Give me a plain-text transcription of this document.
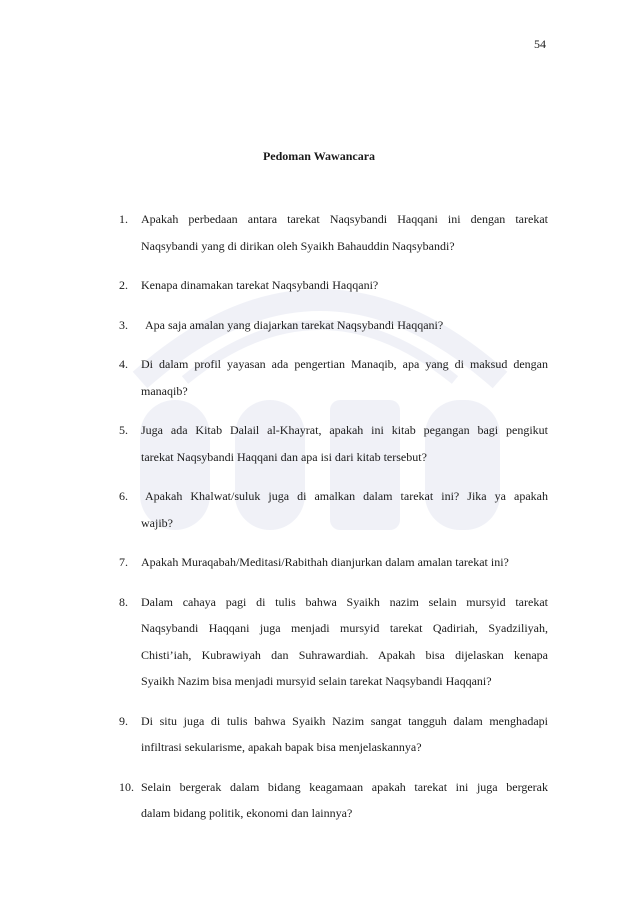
54
Pedoman Wawancara
1. Apakah perbedaan antara tarekat Naqsybandi Haqqani ini dengan tarekat
Naqsybandi yang di dirikan oleh Syaikh Bahauddin Naqsybandi?
2. Kenapa dinamakan tarekat Naqsybandi Haqqani?
3.	Apa saja amalan yang diajarkan tarekat Naqsybandi Haqqani?
4. Di dalam profil yayasan ada pengertian Manaqib, apa yang di maksud dengan
manaqib?
5. Juga ada Kitab Dalail al-Khayrat, apakah ini kitab pegangan bagi pengikut
tarekat Naqsybandi Haqqani dan apa isi dari kitab tersebut?
6.	Apakah Khalwat/suluk juga di amalkan dalam tarekat ini? Jika ya apakah
wajib?
7. Apakah Muraqabah/Meditasi/Rabithah dianjurkan dalam amalan tarekat ini?
8. Dalam cahaya pagi di tulis bahwa Syaikh nazim selain mursyid tarekat
Naqsybandi Haqqani juga menjadi mursyid tarekat Qadiriah, Syadziliyah,
Chisti’iah, Kubrawiyah dan Suhrawardiah. Apakah bisa dijelaskan kenapa
Syaikh Nazim bisa menjadi mursyid selain tarekat Naqsybandi Haqqani?
9. Di situ juga di tulis bahwa Syaikh Nazim sangat tangguh dalam menghadapi
infiltrasi sekularisme, apakah bapak bisa menjelaskannya?
10. Selain bergerak dalam bidang keagamaan apakah tarekat ini juga bergerak
dalam bidang politik, ekonomi dan lainnya?
